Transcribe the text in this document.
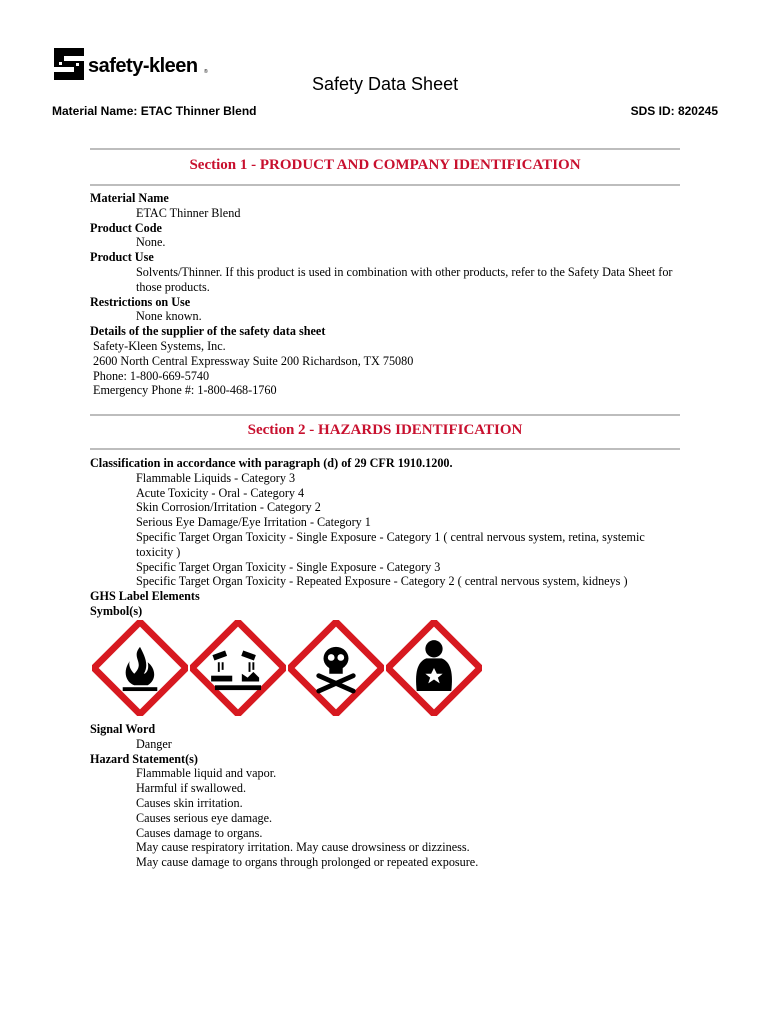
safety-kleen ®
Safety Data Sheet
Material Name: ETAC Thinner Blend	SDS ID: 820245
Section 1 - PRODUCT AND COMPANY IDENTIFICATION
Material Name
ETAC Thinner Blend
Product Code
None.
Product Use
Solvents/Thinner. If this product is used in combination with other products, refer to the Safety Data Sheet for those products.
Restrictions on Use
None known.
Details of the supplier of the safety data sheet
Safety-Kleen Systems, Inc.
2600 North Central Expressway Suite 200 Richardson, TX 75080
Phone: 1-800-669-5740
Emergency Phone #: 1-800-468-1760
Section 2 - HAZARDS IDENTIFICATION
Classification in accordance with paragraph (d) of 29 CFR 1910.1200.
Flammable Liquids - Category 3
Acute Toxicity - Oral - Category 4
Skin Corrosion/Irritation - Category 2
Serious Eye Damage/Eye Irritation - Category 1
Specific Target Organ Toxicity - Single Exposure - Category 1 ( central nervous system, retina, systemic toxicity )
Specific Target Organ Toxicity - Single Exposure - Category 3
Specific Target Organ Toxicity - Repeated Exposure - Category 2 ( central nervous system, kidneys )
GHS Label Elements
Symbol(s)
Signal Word
Danger
Hazard Statement(s)
Flammable liquid and vapor.
Harmful if swallowed.
Causes skin irritation.
Causes serious eye damage.
Causes damage to organs.
May cause respiratory irritation. May cause drowsiness or dizziness.
May cause damage to organs through prolonged or repeated exposure.
